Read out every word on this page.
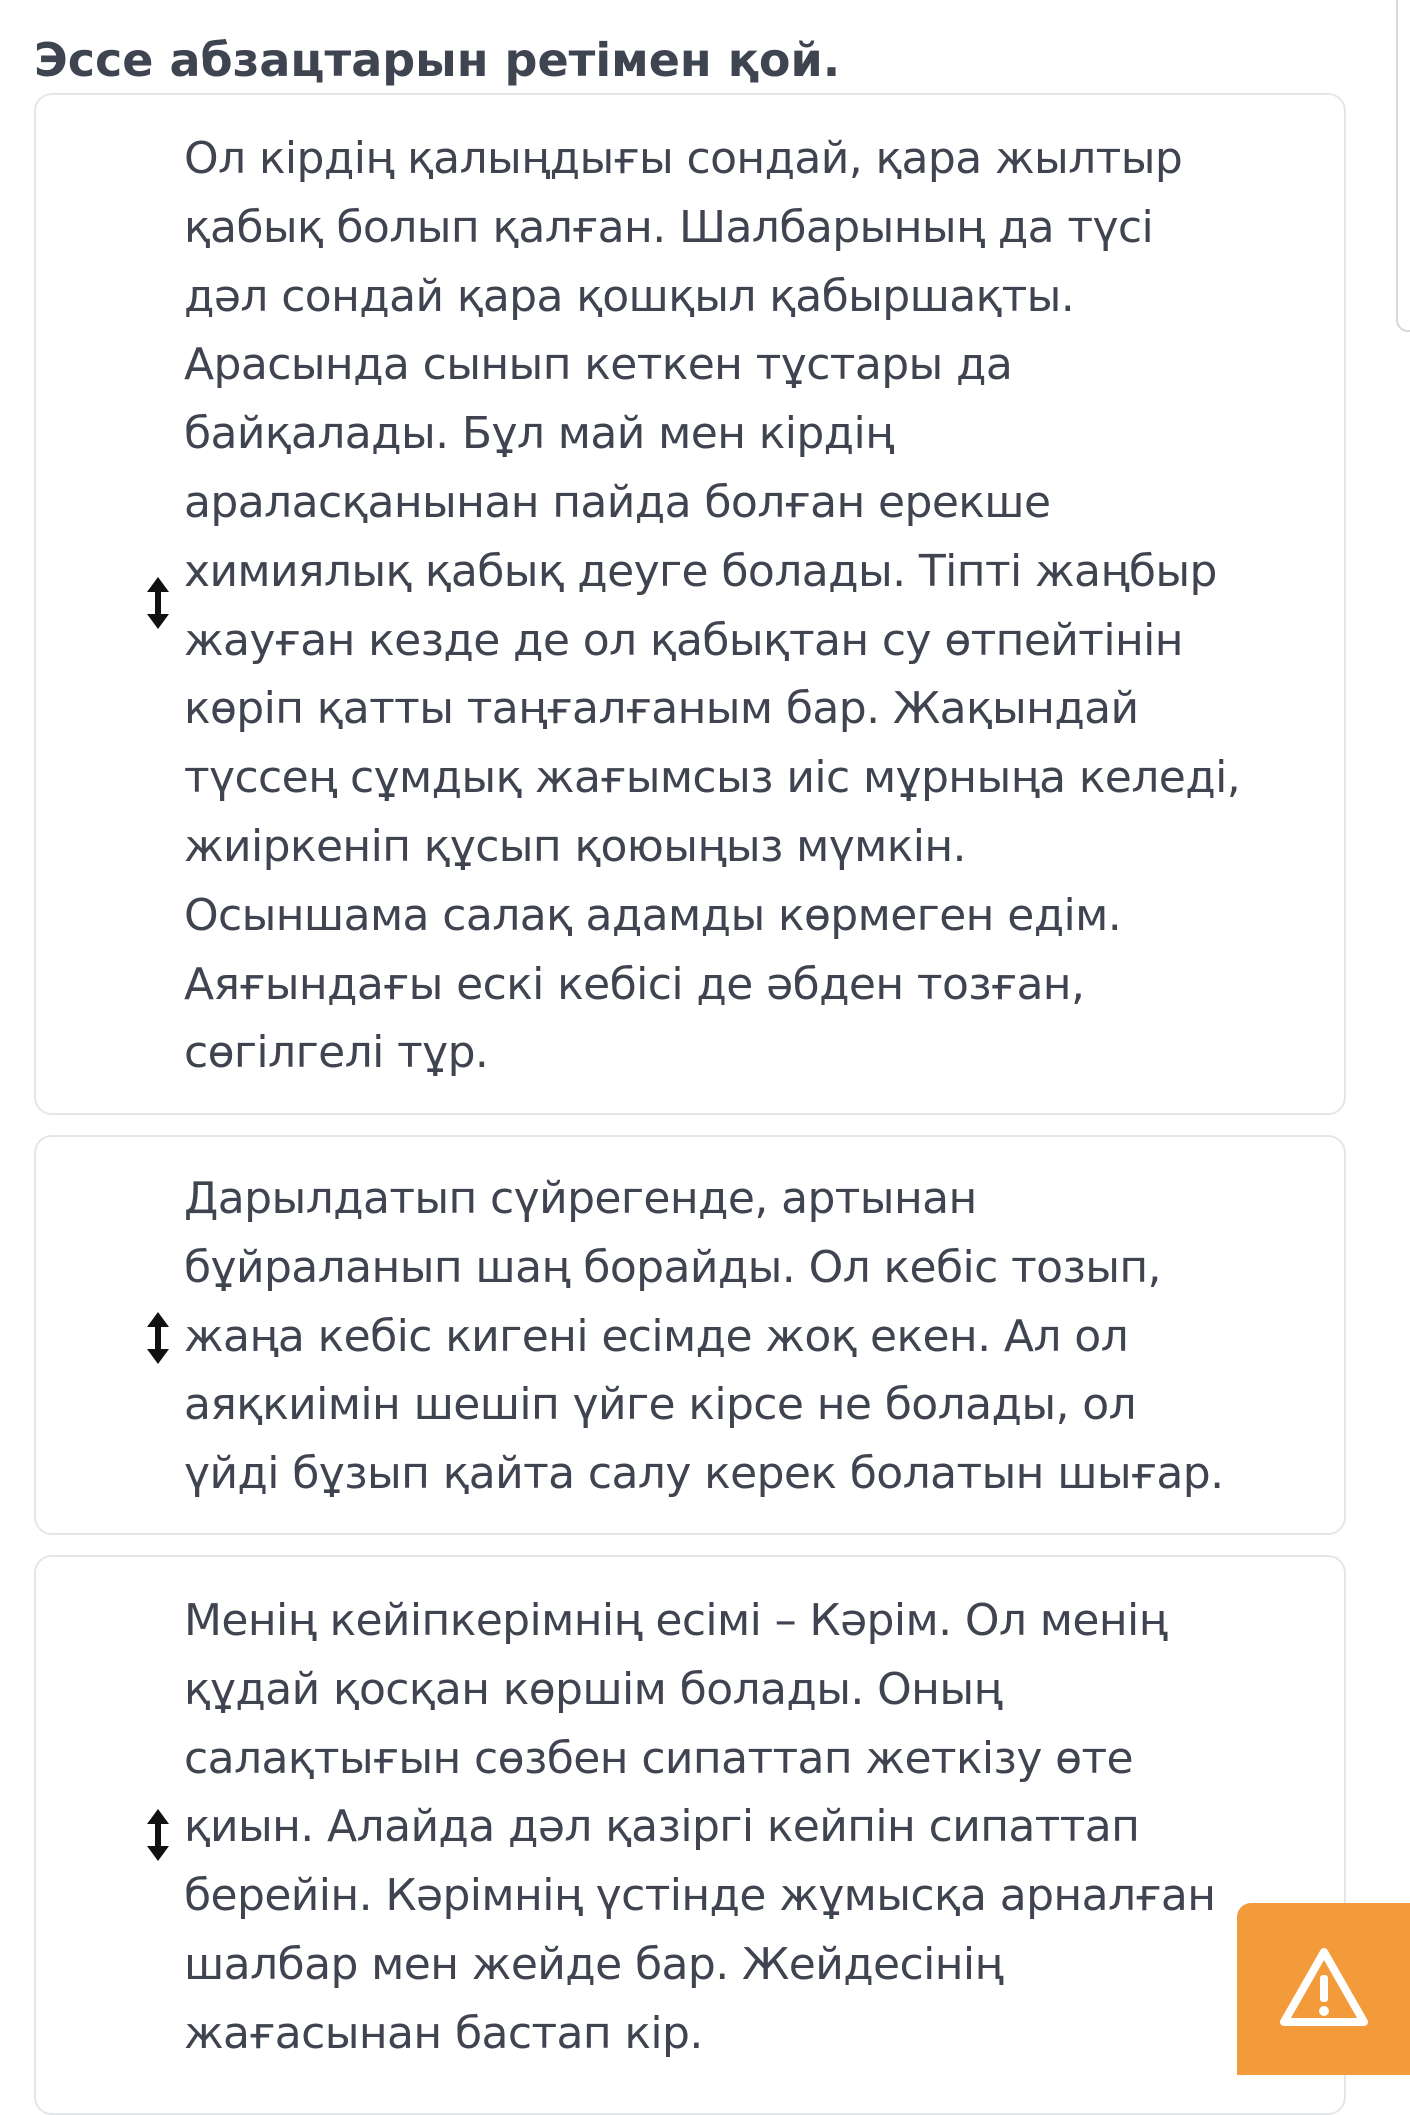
Эссе абзацтарын ретімен қой.
Ол кірдің қалыңдығы сондай, қара жылтыр
қабық болып қалған. Шалбарының да түсі
дәл сондай қара қошқыл қабыршақты.
Арасында сынып кеткен тұстары да
байқалады. Бұл май мен кірдің
араласқанынан пайда болған ерекше
химиялық қабық деуге болады. Тіпті жаңбыр
жауған кезде де ол қабықтан су өтпейтінін
көріп қатты таңғалғаным бар. Жақындай
түссең сұмдық жағымсыз иіс мұрныңа келеді,
жиіркеніп құсып қоюыңыз мүмкін.
Осыншама салақ адамды көрмеген едім.
Аяғындағы ескі кебісі де әбден тозған,
сөгілгелі тұр.
Дарылдатып сүйрегенде, артынан
бұйраланып шаң борайды. Ол кебіс тозып,
жаңа кебіс кигені есімде жоқ екен. Ал ол
аяқкиімін шешіп үйге кірсе не болады, ол
үйді бұзып қайта салу керек болатын шығар.
Менің кейіпкерімнің есімі – Кәрім. Ол менің
құдай қосқан көршім болады. Оның
салақтығын сөзбен сипаттап жеткізу өте
қиын. Алайда дәл қазіргі кейпін сипаттап
берейін. Кәрімнің үстінде жұмысқа арналған
шалбар мен жейде бар. Жейдесінің
жағасынан бастап кір.
